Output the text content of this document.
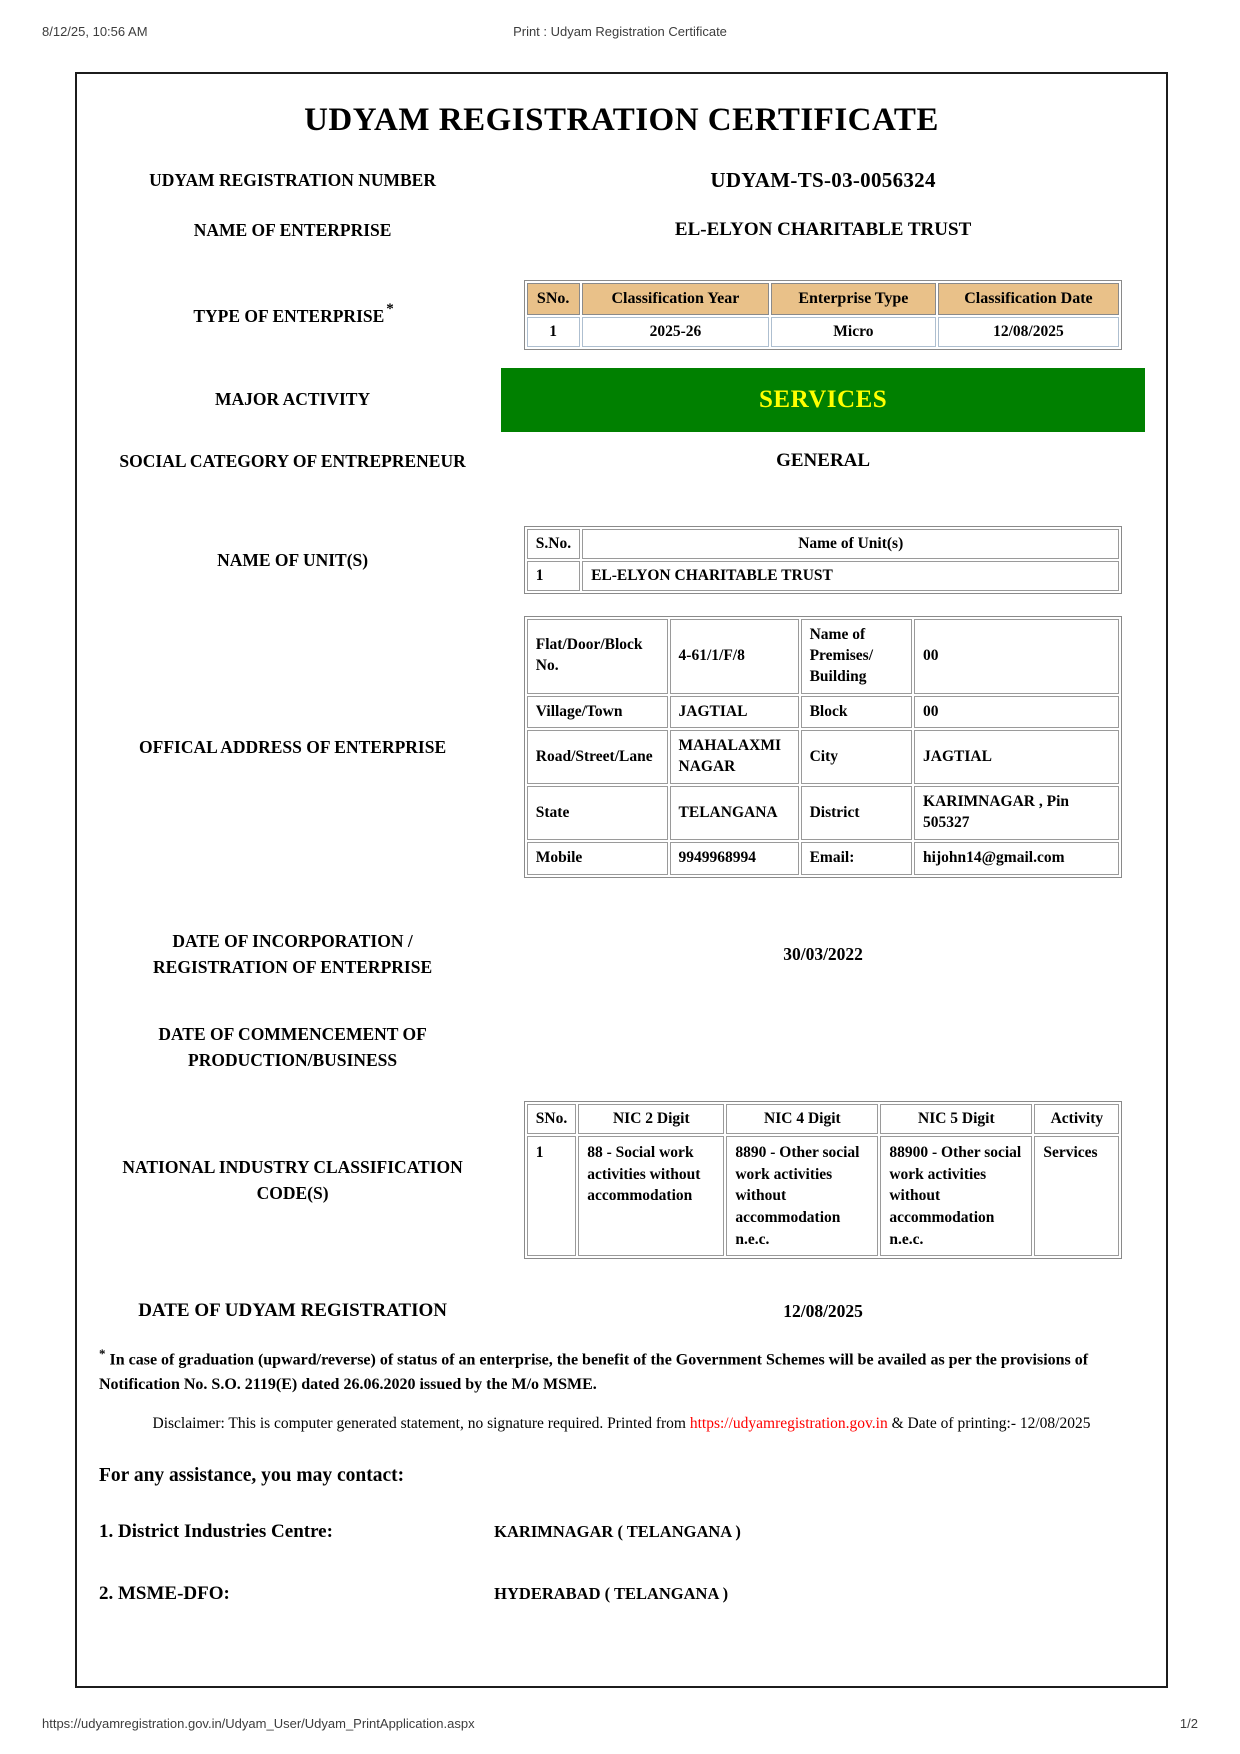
8/12/25, 10:56 AM	Print : Udyam Registration Certificate
UDYAM REGISTRATION CERTIFICATE
UDYAM REGISTRATION NUMBER	UDYAM-TS-03-0056324
NAME OF ENTERPRISE	EL-ELYON CHARITABLE TRUST
TYPE OF ENTERPRISE *
SNo.	Classification Year	Enterprise Type	Classification Date
1	2025-26	Micro	12/08/2025
MAJOR ACTIVITY	SERVICES
SOCIAL CATEGORY OF ENTREPRENEUR	GENERAL
NAME OF UNIT(S)
S.No.	Name of Unit(s)
1	EL-ELYON CHARITABLE TRUST
OFFICAL ADDRESS OF ENTERPRISE
Flat/Door/Block No.	4-61/1/F/8	Name of Premises/ Building	00
Village/Town	JAGTIAL	Block	00
Road/Street/Lane	MAHALAXMI NAGAR	City	JAGTIAL
State	TELANGANA	District	KARIMNAGAR , Pin 505327
Mobile	9949968994	Email:	hijohn14@gmail.com
DATE OF INCORPORATION / REGISTRATION OF ENTERPRISE
30/03/2022
DATE OF COMMENCEMENT OF PRODUCTION/BUSINESS
NATIONAL INDUSTRY CLASSIFICATION CODE(S)
SNo.	NIC 2 Digit	NIC 4 Digit	NIC 5 Digit	Activity
1	88 - Social work activities without accommodation	8890 - Other social work activities without accommodation n.e.c.	88900 - Other social work activities without accommodation n.e.c.	Services
DATE OF UDYAM REGISTRATION	12/08/2025
* In case of graduation (upward/reverse) of status of an enterprise, the benefit of the Government Schemes will be availed as per the provisions of Notification No. S.O. 2119(E) dated 26.06.2020 issued by the M/o MSME.
Disclaimer: This is computer generated statement, no signature required. Printed from https://udyamregistration.gov.in & Date of printing:- 12/08/2025
For any assistance, you may contact:
1. District Industries Centre:	KARIMNAGAR ( TELANGANA )
2. MSME-DFO:	HYDERABAD ( TELANGANA )
https://udyamregistration.gov.in/Udyam_User/Udyam_PrintApplication.aspx	1/2
